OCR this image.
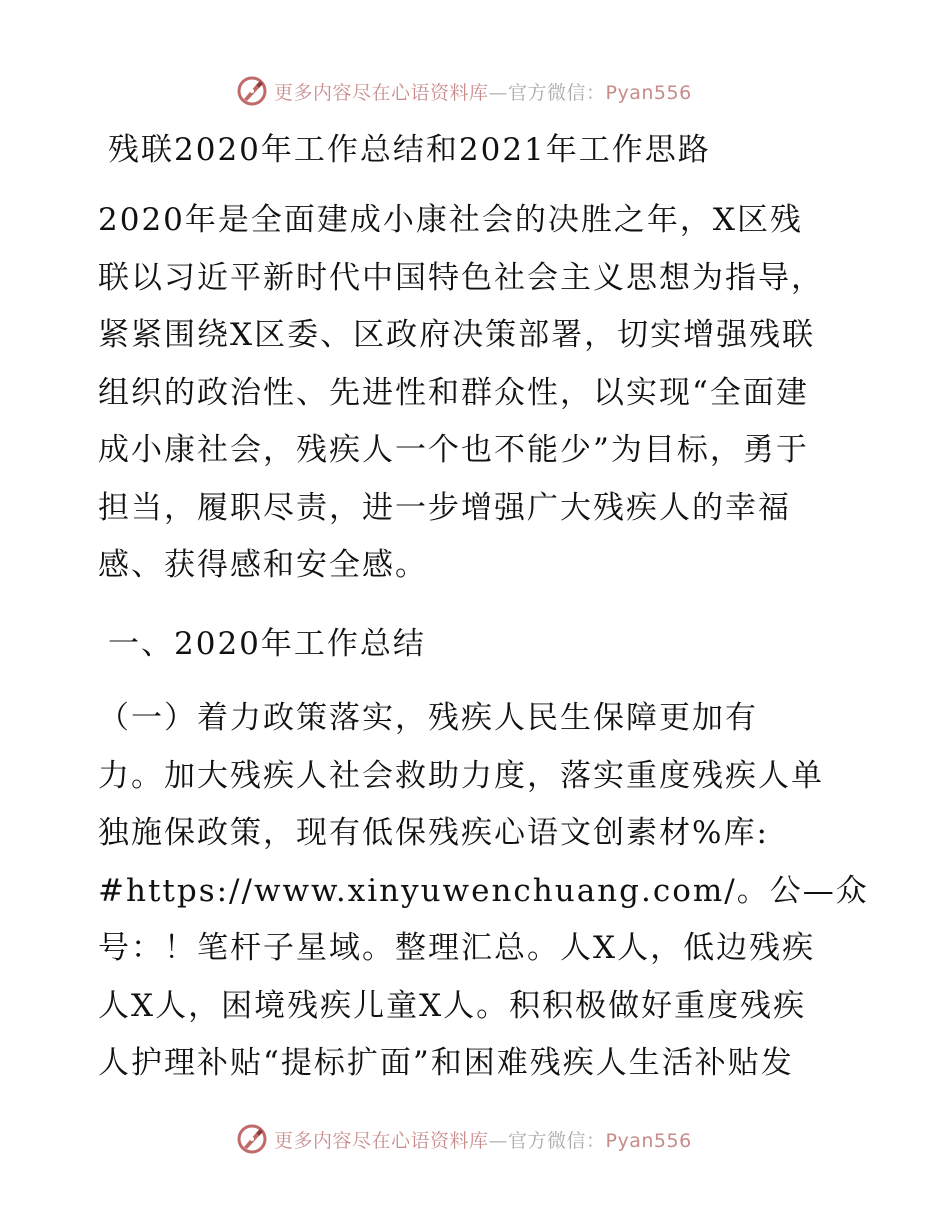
更多内容尽在心语资料库—官方微信：Pyan556
残联2020年工作总结和2021年工作思路
2020年是全面建成小康社会的决胜之年，X区残
联以习近平新时代中国特色社会主义思想为指导，
紧紧围绕X区委、区政府决策部署，切实增强残联
组织的政治性、先进性和群众性，以实现“全面建
成小康社会，残疾人一个也不能少”为目标，勇于
担当，履职尽责，进一步增强广大残疾人的幸福
感、获得感和安全感。
一、2020年工作总结
（一）着力政策落实，残疾人民生保障更加有
力。加大残疾人社会救助力度，落实重度残疾人单
独施保政策，现有低保残疾心语文创素材%库:
#https://www.xinyuwenchuang.com/。公—众
号：！笔杆子星域。整理汇总。人X人，低边残疾
人X人，困境残疾儿童X人。积积极做好重度残疾
人护理补贴“提标扩面”和困难残疾人生活补贴发
更多内容尽在心语资料库—官方微信：Pyan556
